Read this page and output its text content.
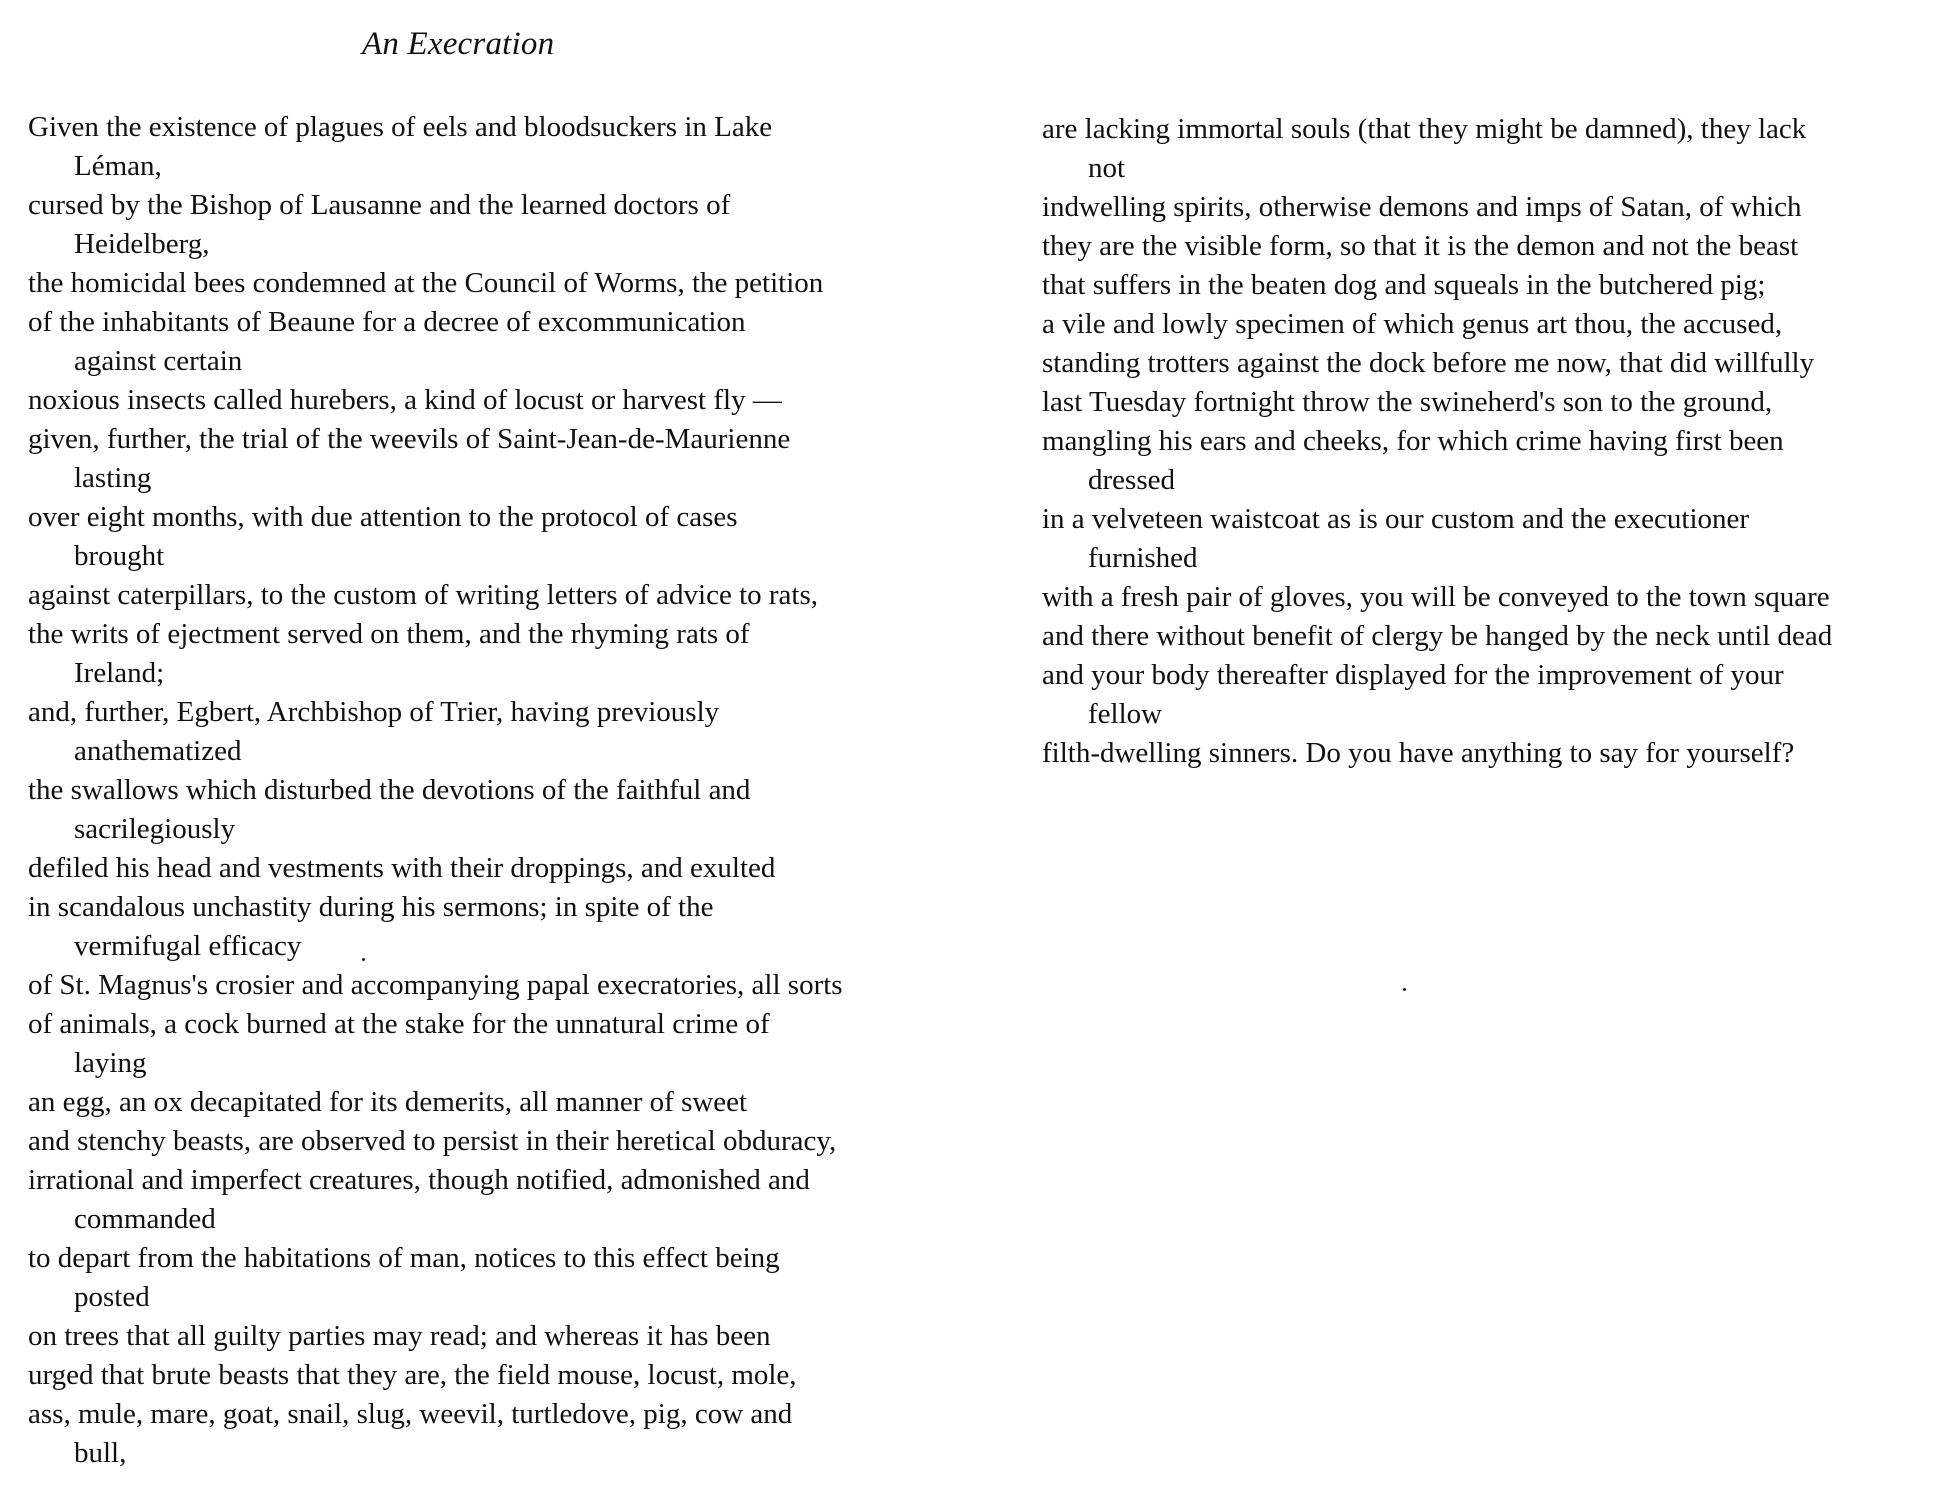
An Execration

Given the existence of plagues of eels and bloodsuckers in Lake

Léman,

cursed by the Bishop of Lausanne and the learned doctors of

Heidelberg,

the homicidal bees condemned at the Council of Worms, the petition

of the inhabitants of Beaune for a decree of excommunication

against certain

noxious insects called hurebers, a kind of locust or harvest fly —

given, further, the trial of the weevils of Saint-Jean-de-Maurienne

lasting

over eight months, with due attention to the protocol of cases

brought

against caterpillars, to the custom of writing letters of advice to rats,

the writs of ejectment served on them, and the rhyming rats of

Ireland;

and, further, Egbert, Archbishop of Trier, having previously

anathematized

the swallows which disturbed the devotions of the faithful and

sacrilegiously

defiled his head and vestments with their droppings, and exulted

in scandalous unchastity during his sermons; in spite of the

vermifugal efficacy

of St. Magnus's crosier and accompanying papal execratories, all sorts

of animals, a cock burned at the stake for the unnatural crime of

laying

an egg, an ox decapitated for its demerits, all manner of sweet

and stenchy beasts, are observed to persist in their heretical obduracy,

irrational and imperfect creatures, though notified, admonished and

commanded

to depart from the habitations of man, notices to this effect being

posted

on trees that all guilty parties may read; and whereas it has been

urged that brute beasts that they are, the field mouse, locust, mole,

ass, mule, mare, goat, snail, slug, weevil, turtledove, pig, cow and

bull,

are lacking immortal souls (that they might be damned), they lack

not

indwelling spirits, otherwise demons and imps of Satan, of which

they are the visible form, so that it is the demon and not the beast

that suffers in the beaten dog and squeals in the butchered pig;

a vile and lowly specimen of which genus art thou, the accused,

standing trotters against the dock before me now, that did willfully

last Tuesday fortnight throw the swineherd's son to the ground,

mangling his ears and cheeks, for which crime having first been

dressed

in a velveteen waistcoat as is our custom and the executioner

furnished

with a fresh pair of gloves, you will be conveyed to the town square

and there without benefit of clergy be hanged by the neck until dead

and your body thereafter displayed for the improvement of your

fellow

filth-dwelling sinners. Do you have anything to say for yourself?
